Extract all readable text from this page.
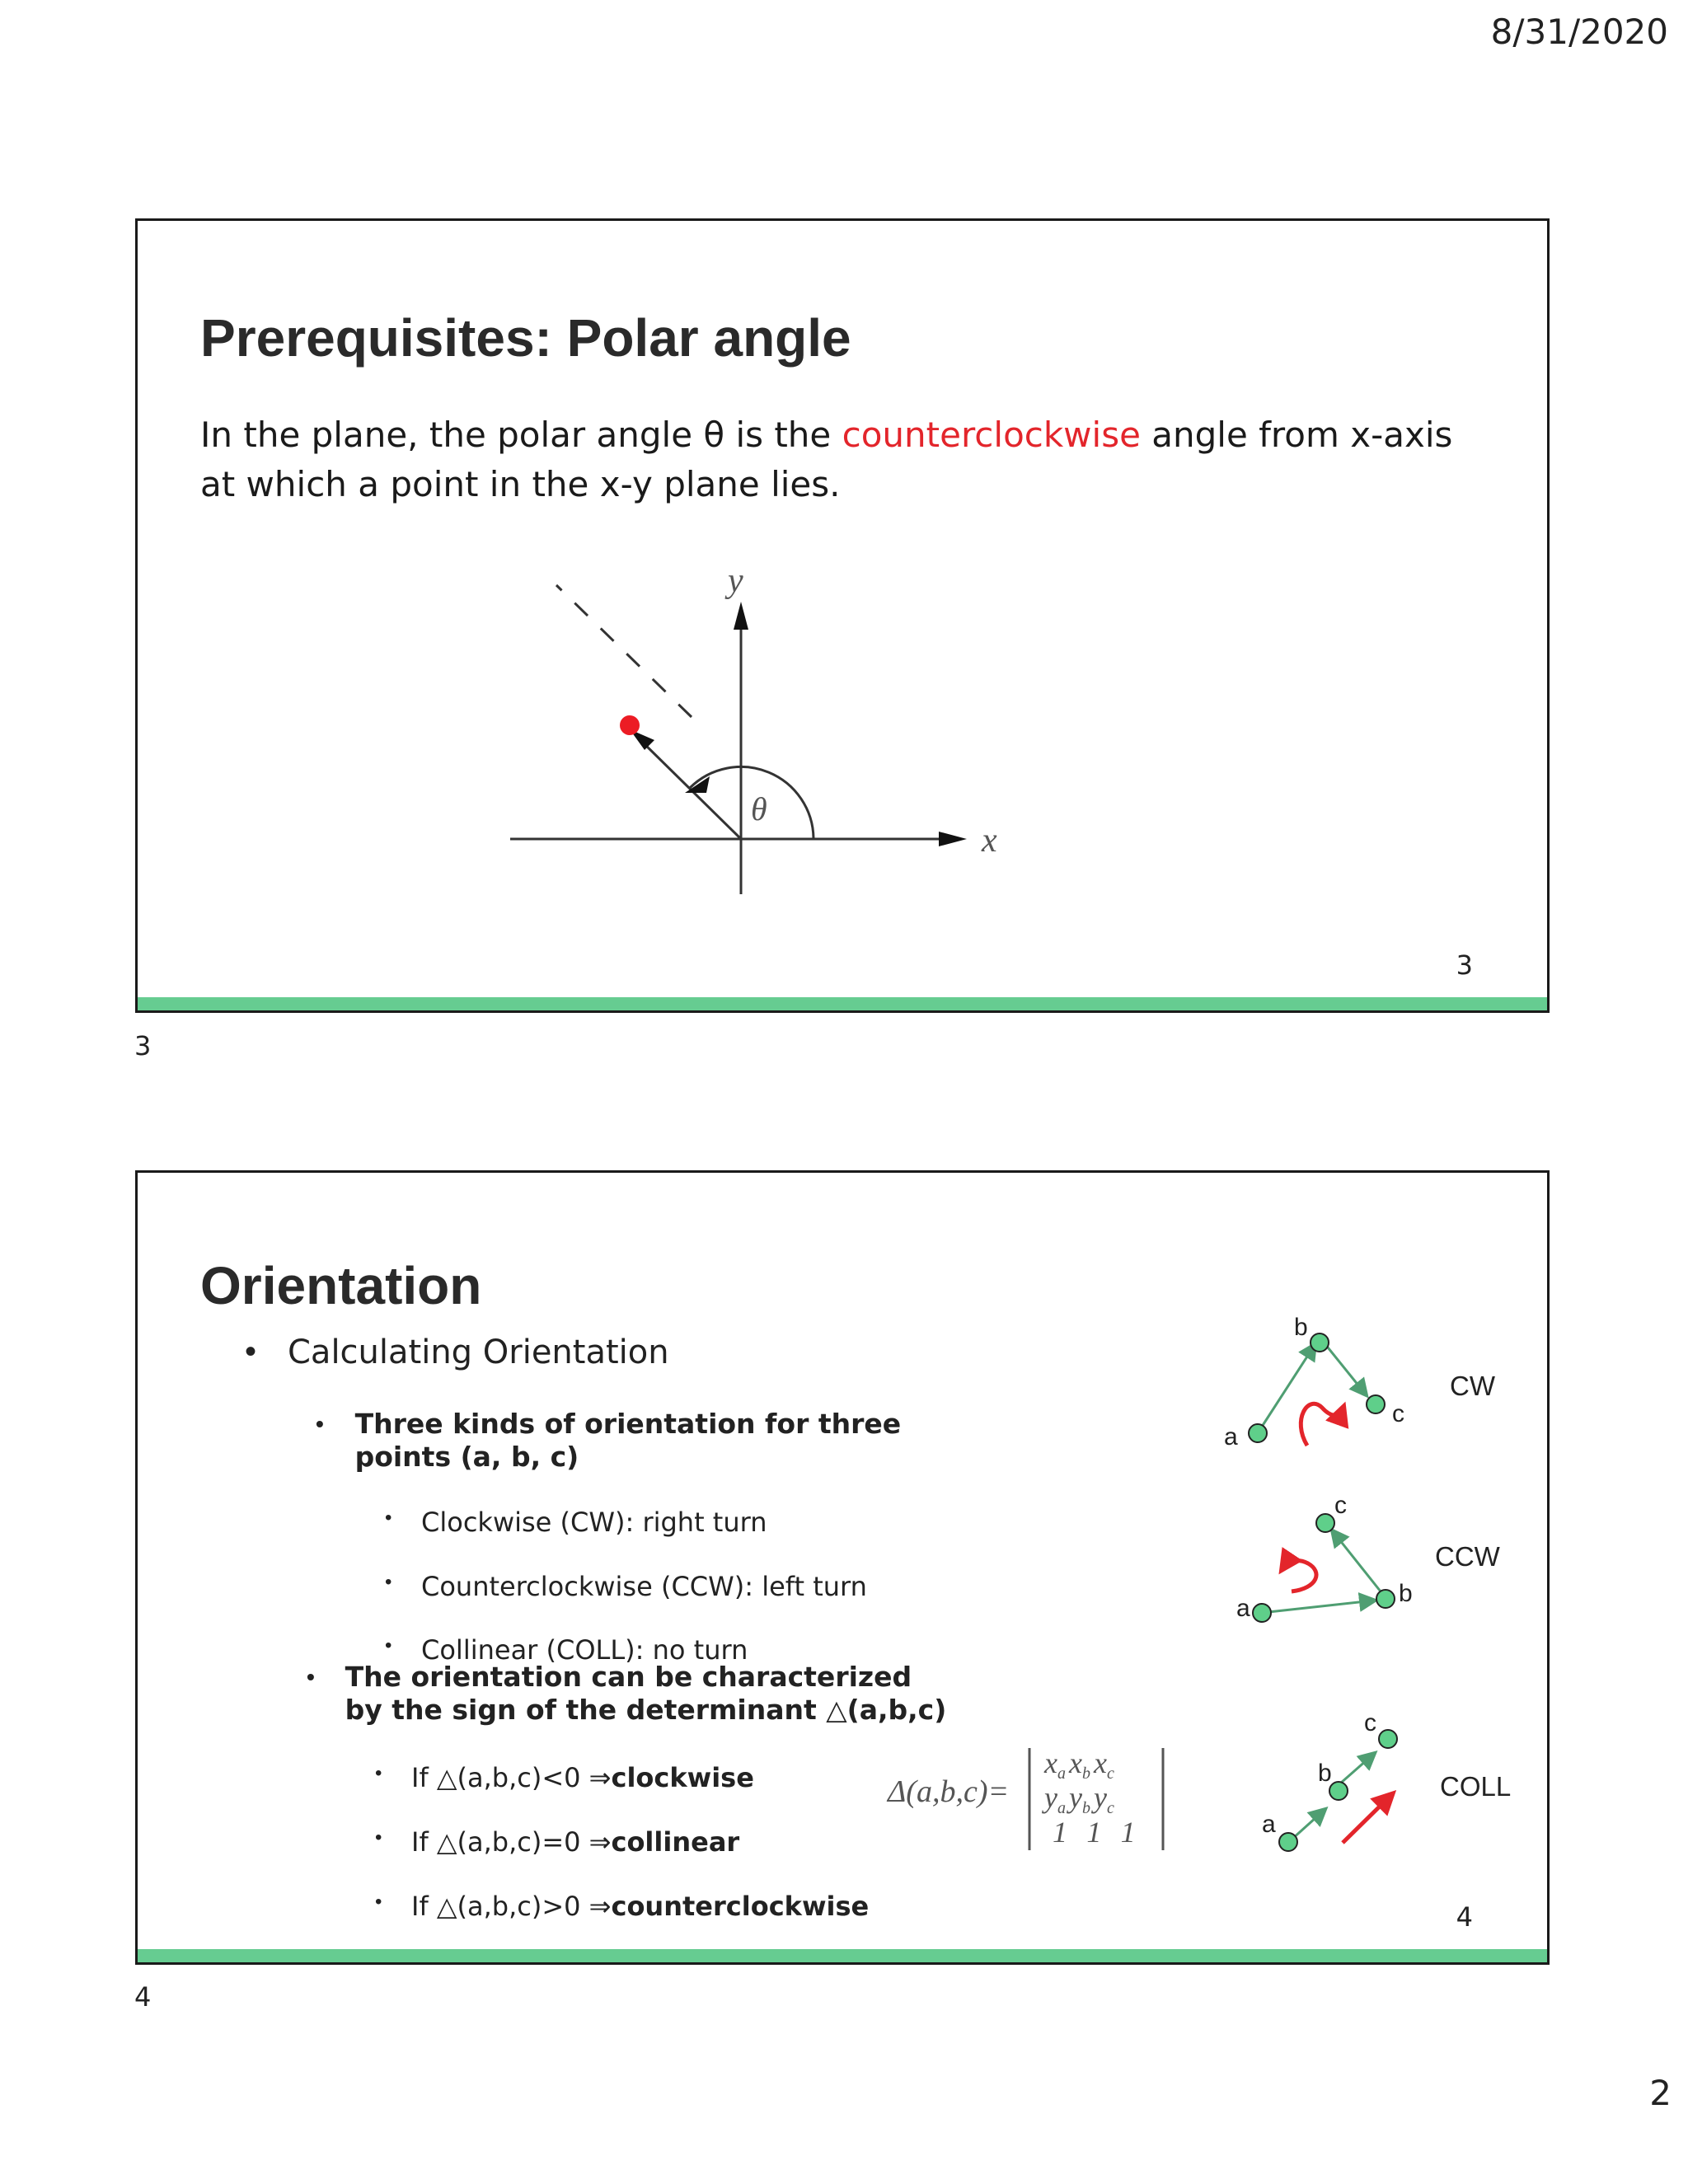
8/31/2020
Prerequisites: Polar angle
In the plane, the polar angle θ is the counterclockwise angle from x-axis at which a point in the x-y plane lies.
x
y
θ
3
3
Orientation
• Calculating Orientation
•	Three kinds of orientation for three points (a, b, c)
•	Clockwise (CW): right turn
•	Counterclockwise (CCW): left turn
•	Collinear (COLL): no turn
•	The orientation can be characterized by the sign of the determinant △(a,b,c)
•	If △(a,b,c)<0 ⇒ clockwise
•	If △(a,b,c)=0 ⇒ collinear
•	If △(a,b,c)>0 ⇒ counterclockwise
Δ(a,b,c)=
xa xb xc
ya yb yc
1 1 1
a
b
c
CW
a
b
c
CCW
a
b
c
COLL
4
4
2
